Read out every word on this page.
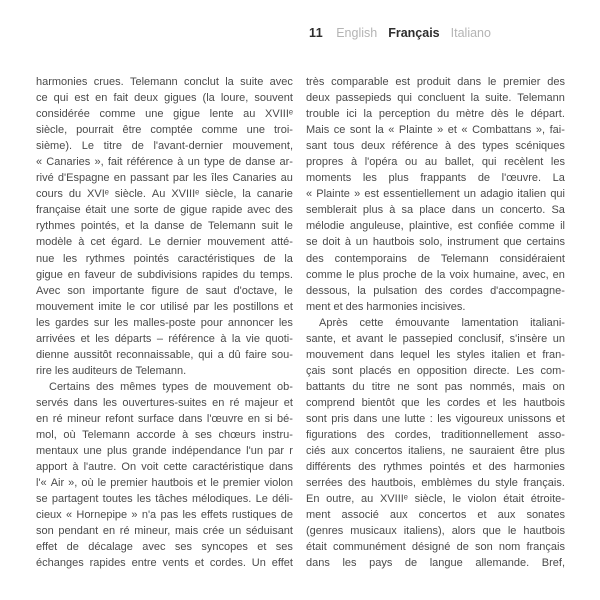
11 English Français Italiano
harmonies crues. Telemann conclut la suite avec
ce qui est en fait deux gigues (la loure, souvent
considérée comme une gigue lente au XVIIIᵉ
siècle, pourrait être comptée comme une troi-
sième). Le titre de l'avant-dernier mouvement,
« Canaries », fait référence à un type de danse ar-
rivé d'Espagne en passant par les îles Canaries au
cours du XVIᵉ siècle. Au XVIIIᵉ siècle, la canarie
française était une sorte de gigue rapide avec des
rythmes pointés, et la danse de Telemann suit le
modèle à cet égard. Le dernier mouvement atté-
nue les rythmes pointés caractéristiques de la
gigue en faveur de subdivisions rapides du temps.
Avec son importante figure de saut d'octave, le
mouvement imite le cor utilisé par les postillons et
les gardes sur les malles-poste pour annoncer les
arrivées et les départs – référence à la vie quoti-
dienne aussitôt reconnaissable, qui a dû faire sou-
rire les auditeurs de Telemann.
Certains des mêmes types de mouvement ob-
servés dans les ouvertures-suites en ré majeur et
en ré mineur refont surface dans l'œuvre en si bé-
mol, où Telemann accorde à ses chœurs instru-
mentaux une plus grande indépendance l'un par r
apport à l'autre. On voit cette caractéristique dans
l'« Air », où le premier hautbois et le premier violon
se partagent toutes les tâches mélodiques. Le déli-
cieux « Hornepipe » n'a pas les effets rustiques de
son pendant en ré mineur, mais crée un séduisant
effet de décalage avec ses syncopes et ses
échanges rapides entre vents et cordes. Un effet
très comparable est produit dans le premier des
deux passepieds qui concluent la suite. Telemann
trouble ici la perception du mètre dès le départ.
Mais ce sont la « Plainte » et « Combattans », fai-
sant tous deux référence à des types scéniques
propres à l'opéra ou au ballet, qui recèlent les
moments les plus frappants de l'œuvre. La
« Plainte » est essentiellement un adagio italien qui
semblerait plus à sa place dans un concerto. Sa
mélodie anguleuse, plaintive, est confiée comme il
se doit à un hautbois solo, instrument que certains
des contemporains de Telemann considéraient
comme le plus proche de la voix humaine, avec, en
dessous, la pulsation des cordes d'accompagne-
ment et des harmonies incisives.
Après cette émouvante lamentation italiani-
sante, et avant le passepied conclusif, s'insère un
mouvement dans lequel les styles italien et fran-
çais sont placés en opposition directe. Les com-
battants du titre ne sont pas nommés, mais on
comprend bientôt que les cordes et les hautbois
sont pris dans une lutte : les vigoureux unissons et
figurations des cordes, traditionnellement asso-
ciés aux concertos italiens, ne sauraient être plus
différents des rythmes pointés et des harmonies
serrées des hautbois, emblèmes du style français.
En outre, au XVIIIᵉ siècle, le violon était étroite-
ment associé aux concertos et aux sonates
(genres musicaux italiens), alors que le hautbois
était communément désigné de son nom français
dans les pays de langue allemande. Bref,
